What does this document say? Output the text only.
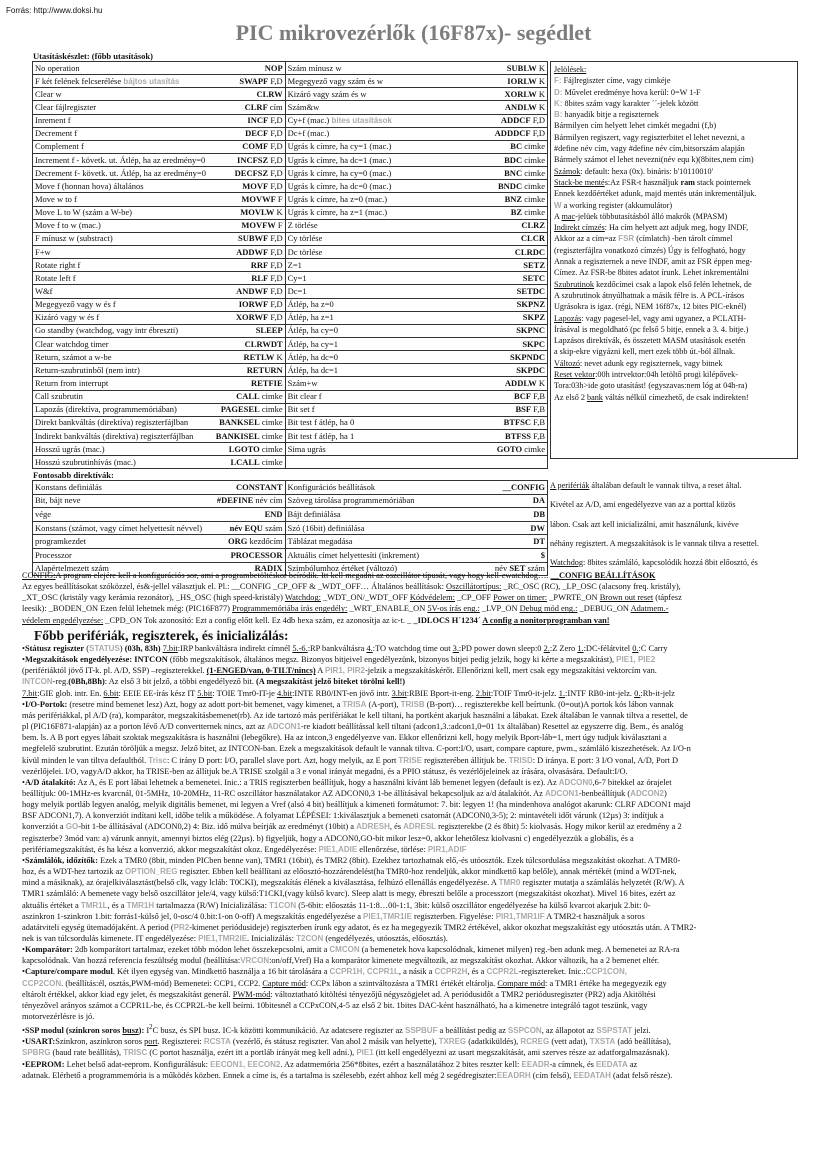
Forrás: http://www.doksi.hu
PIC mikrovezérlők (16F87x)- segédlet
Utasításkészlet: (főbb utasítások)
No operation NOP	Szám mínusz w SUBLW K

F két felének felcserélése bájtos utasítás SWAPF F,D	Megegyező vagy szám és w IORLW K

Clear w CLRW	Kizáró vagy szám és w XORLW K

Clear fájlregiszter CLRF cím	Szám&w ANDLW K

Inrement f INCF F,D	Cy+f (mac.) bites utasítások ADDCF F,D

Decrement f DECF F,D	Dc+f (mac.) ADDDCF F,D

Complement f COMF F,D	Ugrás k címre, ha cy=1 (mac.) BC cimke

Increment f - követk. ut. Átlép, ha az eredmény=0 INCFSZ F,D	Ugrás k címre, ha dc=1 (mac.) BDC cimke

Decrement f- követk. ut. Átlép, ha az eredmény=0 DECFSZ F,D	Ugrás k címre, ha cy=0 (mac.) BNC cimke

Move f (honnan hova) általános MOVF F,D	Ugrás k címre, ha dc=0 (mac.) BNDC cimke

Move w to f MOVWF F	Ugrás k címre, ha z=0 (mac.) BNZ cimke

Move L to W (szám a W-be) MOVLW K	Ugrás k címre, ha z=1 (mac.) BZ cimke

Move f to w (mac.) MOVFW F	Z törlése CLRZ

F mínusz w (substract) SUBWF F,D	Cy törlése CLCR

F+w ADDWF F,D	Dc törlése CLRDC

Rotate right f RRF F,D	Z=1 SETZ

Rotate left f RLF F,D	Cy=1 SETC

W&f ANDWF F,D	Dc=1 SETDC

Megegyező vagy w és f IORWF F,D	Átlép, ha z=0 SKPNZ

Kizáró vagy w és f XORWF F,D	Átlép, ha z=1 SKPZ

Go standby (watchdog, vagy intr ébreszti) SLEEP	Átlép, ha cy=0 SKPNC

Clear watchdog timer CLRWDT	Átlép, ha cy=1 SKPC

Return, számot a w-be RETLW K	Átlép, ha dc=0 SKPNDC

Return-szubrutinből (nem intr) RETURN	Átlép, ha dc=1 SKPDC

Return from interrupt RETFIE	Szám+w ADDLW K

Call szubrutin CALL cimke	Bit clear f BCF F,B

Lapozás (direktíva, programmemóriában) PAGESEL cimke	Bit set f BSF F,B

Direkt bankváltás (direktíva) regiszterfájlban BANKSEL cimke	Bit test f átlép, ha 0 BTFSC F,B

Indirekt bankváltás (direktíva) regiszterfájlban BANKISEL cimke	Bit test f átlép, ha 1 BTFSS F,B

Hosszú ugrás (mac.) LGOTO cimke	Sima ugrás GOTO cimke

Hosszú szubrutinhívás (mac.) LCALL cimke	

Jelölések:

F: Fájlregiszter címe, vagy cimkéje

D: Művelet eredménye hova kerül: 0=W 1-F

K: 8bites szám vagy karakter ´´-jelek között

B: hanyadik bitje a regiszternek

Bármilyen cím helyett lehet cimkét megadni (f,b)

Bármilyen regiszert, vagy regiszterbitet el lehet nevezni, a

#define név cím, vagy #define név cím,bitsorszám alapján

Bármely számot el lehet nevezni(név equ k)(8bites,nem cím)

Számok: default: hexa (0x). bináris: b'10110010'

Stack-be mentés:Az FSR-t használjuk ram stack pointernek

Ennek kezdőértéket adunk, majd mentés után inkrementáljuk.

W a working register (akkumulátor)

A mac-jelüek többutasításból álló makrók (MPASM)

Indirekt címzés: Ha cím helyett azt adjuk meg, hogy INDF,

Akkor az a cím=az FSR (címlatch) -ben tárolt címmel

(regiszterfájlra vonatkozó címzés) Úgy is felfogható, hogy

Annak a regiszternek a neve INDF, amit az FSR éppen meg-

Címez. Az FSR-be 8bites adatot írunk. Lehet inkrementálni

Szubrutinok kezdőcímei csak a lapok első felén lehetnek, de

A szubrutinok átnyúlhatnak a másik félre is. A PCL-írásos

Ugrásokra is igaz. (régi, NEM 16f87x, 12 bites PIC-eknél)

Lapozás: vagy pagesel-lel, vagy ami ugyanez, a PCLATH-

Írásával is megoldható (pc felső 5 bitje, ennek a 3. 4. bitje.)

Lapzásos direktívák, és összetett MASM utasítások esetén

a skip-ekre vigyázni kell, mert ezek több út.-ból állnak.

Változó: nevet adunk egy regiszternek, vagy bitnek

Reset vektor:00h intrvektor:04h letöltő progi kilépővek-

Tora:03h>ide goto utasítást! (egyszavas:nem lóg at 04h-ra)

Az első 2 bank váltás nélkül címezhető, de csak indirekten!

Fontosabb direktívák:
Konstans definiálás CONSTANT	Konfigurációs beállítások __CONFIG

Bit, bájt neve #DEFINE név cím	Szöveg tárolása programmemóriában DA

vége END	Bájt definiálása DB

Konstans (számot, vagy címet helyettesít névvel) név EQU szám	Szó (16bit) definiálása DW

programkezdet ORG kezdőcím	Táblázat megadása DT

Processzor PROCESSOR	Aktuális címet helyettesíti (inkrement) $

Alapértelmezett szám RADIX	Szimbólumhoz értéket (változó) név SET szám

A perifériák általában default le vannak tiltva, a reset által.

Kivétel az A/D, ami engedélyezve van az a porttal közös

lábon. Csak azt kell inicializálni, amit használunk, kivéve

néhány regisztert. A megszakítások is le vannak tiltva a resettel.

Watchdog: 8bites számláló, kapcsolódik hozzá 8bit előosztó, és

CONFIG:A program elejére kell a konfigurációs sor, ami a programbetöltéskor beíródik. Itt kell megadni az oszcillátor típusát, vagy hogy kell-ewatchdog…. __CONFIG BEÁLLÍTÁSOK

Az egyes beállításokat szóközzel, és&-jellel választjuk el. Pl.: __CONFIG _CP_OFF & _WDT_OFF… Általános beállítások: Oszcillátortípus: _RC_OSC (RC), _LP_OSC (alacsony freq. kristály),

_XT_OSC (kristály vagy kerámia rezonátor), _HS_OSC (high speed-kristály) Watchdog: _WDT_ON/_WDT_OFF Kódvédelem: _CP_OFF Power on timer: _PWRTE_ON Brown out reset (tápfesz

leesik): _BODEN_ON Ezen felül lehetnek még: (PIC16F877) Programmemóriába írás engedély: _WRT_ENABLE_ON 5V-os írás eng.: _LVP_ON Debug mód eng.: _DEBUG_ON Adatmem.-

védelem engedélyezése: _CPD_ON Tok azonosító: Ezt a config előtt kell. Ez 4db hexa szám, ez azonosítja az ic-t. _ _IDLOCS H´1234´ A config a nonitorprogramban van!

Főbb perifériák, regiszterek, és inicializálás:

•Státusz regiszter (STATUS) (03h, 83h) 7.bit:IRP bankváltásra indirekt címnél 5.-6.:RP bankváltásra 4.:TO watchdog time out 3.:PD power down sleep:0 2.:Z Zero 1.:DC-félátvitel 0.:C Carry

•Megszakítások engedélyezése: INTCON (főbb megszakítások, általános megsz. Bizonyos bitjeivel engedélyezünk, bizonyos bitjei pedig jelzik, hogy ki kérte a megszakítást), PIE1, PIE2

(perifériáktól jövő IT-k. pl. A/D, SSP) –regiszterekkel. (1-ENGED/van, 0-TILT/nincs) A PIR1, PIR2-jelzik a megszakításkérőt. Ellenőrizni kell, mert csak egy megszakítási vektorcím van.

INTCON-reg.(0Bh,8Bh): Az első 3 bit jelző, a többi engedélyező bit. (A megszakítást jelző biteket törölni kell!)

7.bit:GIE glob. intr. En. 6.bit: EEIE EE-írás kész IT 5.bit: TOIE Tmr0-IT-je 4.bit:INTE RB0/INT-en jövő intr. 3.bit:RBIE Bport-it-eng. 2.bit:TOIF Tmr0-it-jelz. 1.:INTF RB0-int-jelz. 0.:Rb-it-jelz

•I/O-Portok: (resetre mind bemenet lesz) Azt, hogy az adott port-bit bemenet, vagy kimenet, a TRISA (A-port), TRISB (B-port)… regiszterekbe kell beírtunk. (0=out)A portok kós lábon vannak

más perifériákkal, pl A/D (ra), komparátor, megszakításbemenet(rb). Az ide tartozó más perifériákat le kell tiltani, ha portként akarjuk használni a lábakat. Ezek általában le vannak tiltva a resettel, de

pl (PIC16F871-alapján) az a porton lévő A/D convertternek nincs, azt az ADCON1-re kiadott beállítással kell tiltani (adcon1,3.:adcon1,0=01 1x általában) Resettel az egyszerre dig. Bem., és analóg

bem. ls. A B port egyes lábait szoktak megszakításra is használni (lebegőkre). Ha az intcon,3 engedélyezve van. Ekkor ellenőrizni kell, hogy melyik Bport-láb=1, mert úgy tudjuk kiválasztani a

megfelelő szubrutint. Ezután töröljük a megsz. Jelző bitet, az INTCON-ban. Ezek a megszakítások default le vannak tiltva. C-port:I/O, usart, compare capture, pwm., számláló kiszezhetések. Az I/O-n

kívül minden le van tiltva defaultból. Trisc: C irány D port: I/O, parallel slave port. Azt, hogy melyik, az E port TRISE regiszterében állítjuk be. TRISD: D iránya. E port: 3 I/O vonal, A/D, Port D

vezérlőjelei. I/O, vagyA/D akkor, ha TRISE-ben az állítjuk be.A TRISE szolgál a 3 e vonal irányát megadni, és a PPIO státusz, és vezérlőjeleinek az írására, olvasására. Default:I/O.

•A/D átalakító: Az A, és E port lábai lehetnek a bemenetei. Inic.: a TRIS regiszterben beállítjuk, hogy a használni kívánt láb bemenet legyen (default is ez). Az ADCON0,6-7 bitekkel az órajelet

beállítjuk: 00-1MHz-es kvarcnál, 01-5MHz, 10-20MHz, 11-RC oszcillátor használatakor AZ ADCON0,3 1-be állításával bekapcsoljuk az a/d átalakítót. Az ADCON1-benbeállítjuk (ADCON2)

hogy melyik portláb legyen analóg, melyik digitális bemenet, mi legyen a Vref (alsó 4 bit) beállítjuk a kimeneti formátumot: 7. bit: legyen 1! (ha mindenhova analógot akarunk: CLRF ADCON1 majd

BSF ADCON1,7). A konverziót indítani kell, időbe telik a működése. A folyamat LÉPÉSEI: 1:kiválasztjuk a bemeneti csatornát (ADCON0,3-5); 2: mintavételi időt várunk (12µs) 3: indítjuk a

konverziót a GO-bit 1-be állításával (ADCON0,2) 4: Biz. idő múlva beírják az eredményt (10bit) a ADRESH, és ADRESL regiszterekbe (2 és 8bit) 5: kiolvasás. Hogy mikor kerül az eredmény a 2

regiszterbe? 3mód van: a) várunk annyit, amennyi biztos elég (22µs). b) figyeljük, hogy a ADCON0,GO-bit mikor lesz=0, akkor lehetőlesz kiolvasni c) engedélyezzük a globális, és a

perifériamegszakítást, és ha kész a konverzió, akkor megszakítást okoz. Engedélyezése: PIE1,ADIE ellenőrzése, törlése: PIR1,ADIF

•Számlálók, időzítők: Ezek a TMR0 (8bit, minden PICben benne van), TMR1 (16bit), és TMR2 (8bit). Ezekhez tartozhatnak elő,-és utóosztók. Ezek túlcsordulása megszakítást okozhat. A TMR0-

hoz, és a WDT-hez tartozik az OPTION_REG regiszter. Ebben kell beállítani az előosztó-hozzárendelést(ha TMR0-hoz rendeljük, akkor mindkettő kap belőle), annak mértékét (mind a WDT-nek,

mind a másiknak), az órajelkiválasztást(belső clk, vagy lcláb: T0CKI), megszakítás élének a kiválasztása, felhúzó ellenállás engedélyezése. A TMR0 regiszter mutatja a számlálás helyzetét (R/W). A

TMR1 számláló: A bemenete vagy belső oszcillátor jele/4, vagy külső:T1CKI,(vagy külső kvarc). Sleep alatt is megy, ébreszti belőle a processzort (megszakítást okozhat). Mivel 16 bites, ezért az

aktuális értéket a TMR1L, és a TMR1H tartalmazza (R/W) Inicializálása: T1CON (5-6bit: előosztás 11-1:8…00-1:1, 3bit: külső oszcillátor engedélyezése ha külső kvarcot akarjuk 2.bit: 0-

aszinkron 1-szinkron 1.bit: forrás1-külső jel, 0-osc/4 0.bit:1-on 0-off) A megszakítás engedélyezése a PIE1,TMR1IE regiszterben. Figyelése: PIR1,TMR1IF A TMR2-t használjuk a soros

adatátviteli egység ütemadójaként. A period (PR2-kimenet periódusideje) regiszterben írunk egy adatot, és ez ha megegyezik TMR2 értékével, akkor okozhat megszakítást egy utóosztás után. A TMR2-

nek is van túlcsordulás kimenete. IT engedélyezése: PIE1,TMR2IE. Inicializálás: T2CON (engedélyezés, utóosztás, előosztás).

•Komparátor: 2db komparátort tartalmaz, ezeket több módon lehet összekepcsolni, amit a CMCON (a bemenetek hova kapcsolódnak, kimenet milyen) reg.-ben adunk meg. A bemenetei az RA-ra

kapcsolódnak. Van hozzá referencia feszültség modul (beállítása:VRCON:on/off,Vref) Ha a komparátor kimenete megváltozik, az megszakítást okozhat. Akkor változik, ha a 2 bemenet eltér.

•Capture/compare modul. Két ilyen egység van. Mindkettő használja a 16 bit tárolására a CCPR1H, CCPR1L, a násik a CCPR2H, és a CCPR2L-regisztereket. Inic.:CCP1CON,

CCP2CON. (beállítás:él, osztás,PWM-mód) Bemenetei: CCP1, CCP2. Capture mód: CCPx lábon a szintváltozásra a TMR1 értékét eltárolja. Compare mód: a TMR1 értéke ha megegyezik egy

eltárolt értékkel, akkor kiad egy jelet, és megszakítást generál. PWM-mód: változtatható kitöltési tényezőjű négyszögjelet ad. A periódusidőt a TMR2 periódusregiszter (PR2) adja Akitöltési

tényezővel arányos számot a CCPR1L-be, és CCPR2L-be kell beírni. 10bitesnél a CCPxCON,4-5 az első 2 bit. 1bites DAC-ként használható, ha a kimenetre integráló tagot teszünk, vagy

motorvezérlésre is jó.

•SSP modul (szinkron soros busz): $I^2C$ busz, és SPI busz. IC-k közötti kommunikáció. Az adatcsere regiszter az SSPBUF a beállítást pedig az SSPCON, az állapotot az SSPSTAT jelzi.

•USART:Szinkron, aszinkron soros port. Regiszterei: RCSTA (vezérlő, és státusz regiszter. Van ahol 2 másik van helyette), TXREG (adatkiküldés), RCREG (vett adat), TXSTA (adó beállítása),

SPBRG (baud rate beállítás), TRISC (C portot használja, ezért itt a portláb irányát meg kell adni.), PIE1 (itt kell engedélyezni az usart megszakítását, ami szerves része az adatforgalmazásnak).

•EEPROM: Lehet belső adat-eeprom. Konfigurálásuk: EECON1, EECON2. Az adatmemória 256*8bites, ezért a használatához 2 bites reszter kell: EEADR-a címnek, és EEDATA az

adatnak. Elérhető a programmemória is a működés közben. Ennek a címe is, és a tartalma is szélesebb, ezért ahhoz kell még 2 segédregiszter:EEADRH (cím felső), EEDATAH (adat felső része).
